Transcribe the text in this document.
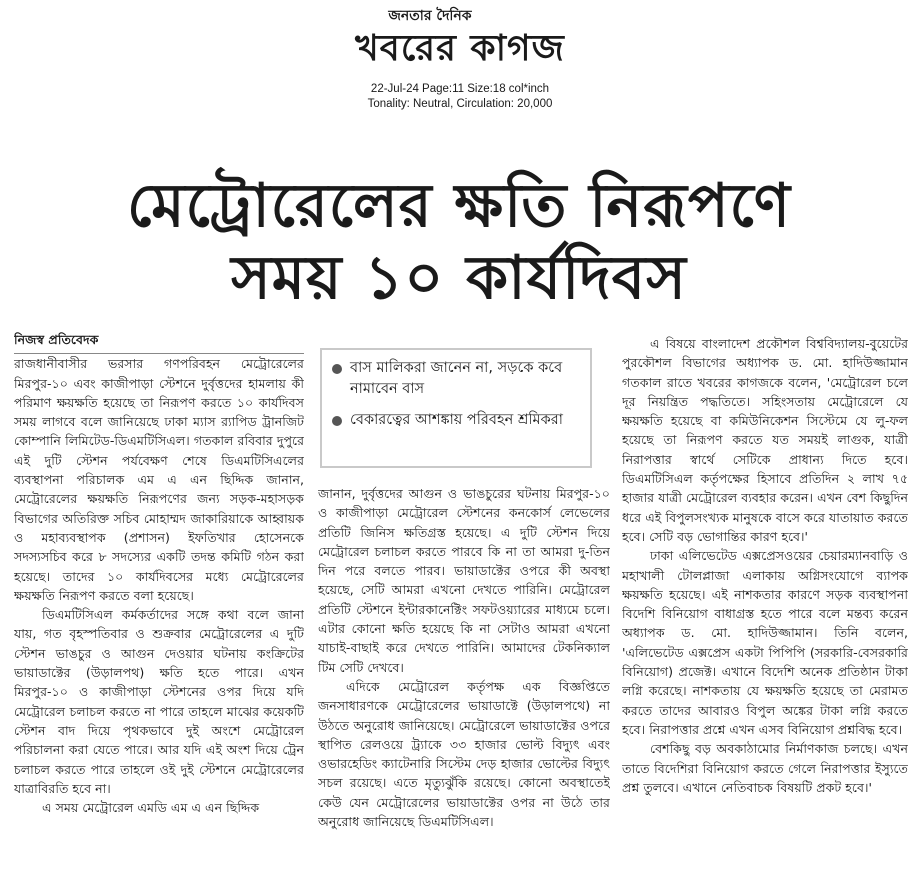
জনতার দৈনিক
খবরের কাগজ
22-Jul-24 Page:11 Size:18 col*inch
Tonality: Neutral, Circulation: 20,000
মেট্রোরেলের ক্ষতি নিরূপণে
সময় ১০ কার্যদিবস

নিজস্ব প্রতিবেদক

রাজধানীবাসীর ভরসার গণপরিবহন মেট্রোরেলের মিরপুর-১০ এবং কাজীপাড়া স্টেশনে দুর্বৃত্তদের হামলায় কী পরিমাণ ক্ষয়ক্ষতি হয়েছে তা নিরূপণ করতে ১০ কার্যদিবস সময় লাগবে বলে জানিয়েছে ঢাকা ম্যাস র‍্যাপিড ট্রানজিট কোম্পানি লিমিটেড-ডিএমটিসিএল। গতকাল রবিবার দুপুরে এই দুটি স্টেশন পর্যবেক্ষণ শেষে ডিএমটিসিএলের ব্যবস্থাপনা পরিচালক এম এ এন ছিদ্দিক জানান, মেট্রোরেলের ক্ষয়ক্ষতি নিরূপণের জন্য সড়ক-মহাসড়ক বিভাগের অতিরিক্ত সচিব মোহাম্মদ জাকারিয়াকে আহ্বায়ক ও মহাব্যবস্থাপক (প্রশাসন) ইফতিখার হোসেনকে সদস্যসচিব করে ৮ সদস্যের একটি তদন্ত কমিটি গঠন করা হয়েছে। তাদের ১০ কার্যদিবসের মধ্যে মেট্রোরেলের ক্ষয়ক্ষতি নিরূপণ করতে বলা হয়েছে।

ডিএমটিসিএল কর্মকর্তাদের সঙ্গে কথা বলে জানা যায়, গত বৃহস্পতিবার ও শুক্রবার মেট্রোরেলের এ দুটি স্টেশন ভাঙচুর ও আগুন দেওয়ার ঘটনায় কংক্রিটের ভায়াডাক্টের (উড়ালপথ) ক্ষতি হতে পারে। এখন মিরপুর-১০ ও কাজীপাড়া স্টেশনের ওপর দিয়ে যদি মেট্রোরেল চলাচল করতে না পারে তাহলে মাঝের কয়েকটি স্টেশন বাদ দিয়ে পৃথকভাবে দুই অংশে মেট্রোরেল পরিচালনা করা যেতে পারে। আর যদি এই অংশ দিয়ে ট্রেন চলাচল করতে পারে তাহলে ওই দুই স্টেশনে মেট্রোরেলের যাত্রাবিরতি হবে না।

এ সময় মেট্রোরেল এমডি এম এ এন ছিদ্দিক

বাস মালিকরা জানেন না, সড়কে কবে নামাবেন বাস
বেকারত্বের আশঙ্কায় পরিবহন শ্রমিকরা

জানান, দুর্বৃত্তদের আগুন ও ভাঙচুরের ঘটনায় মিরপুর-১০ ও কাজীপাড়া মেট্রোরেল স্টেশনের কনকোর্স লেভেলের প্রতিটি জিনিস ক্ষতিগ্রস্ত হয়েছে। এ দুটি স্টেশন দিয়ে মেট্রোরেল চলাচল করতে পারবে কি না তা আমরা দু-তিন দিন পরে বলতে পারব। ভায়াডাক্টের ওপরে কী অবস্থা হয়েছে, সেটি আমরা এখনো দেখতে পারিনি। মেট্রোরেল প্রতিটি স্টেশনে ইন্টারকানেক্টিং সফটওয়্যারের মাধ্যমে চলে। এটার কোনো ক্ষতি হয়েছে কি না সেটাও আমরা এখনো যাচাই-বাছাই করে দেখতে পারিনি। আমাদের টেকনিক্যাল টিম সেটি দেখবে।

এদিকে মেট্রোরেল কর্তৃপক্ষ এক বিজ্ঞপ্তিতে জনসাধারণকে মেট্রোরেলের ভায়াডাক্টে (উড়ালপথে) না উঠতে অনুরোধ জানিয়েছে। মেট্রোরেলে ভায়াডাক্টের ওপরে স্থাপিত রেলওয়ে ট্র্যাকে ৩৩ হাজার ভোল্ট বিদ্যুৎ এবং ওভারহেডিং ক্যাটেনারি সিস্টেম দেড় হাজার ভোল্টের বিদ্যুৎ সচল রয়েছে। এতে মৃত্যুঝুঁকি রয়েছে। কোনো অবস্থাতেই কেউ যেন মেট্রোরেলের ভায়াডাক্টের ওপর না উঠে তার অনুরোধ জানিয়েছে ডিএমটিসিএল।

এ বিষয়ে বাংলাদেশ প্রকৌশল বিশ্ববিদ্যালয়-বুয়েটের পুরকৌশল বিভাগের অধ্যাপক ড. মো. হাদিউজ্জামান গতকাল রাতে খবরের কাগজকে বলেন, 'মেট্রোরেল চলে দূর নিয়ন্ত্রিত পদ্ধতিতে। সহিংসতায় মেট্রোরেলে যে ক্ষয়ক্ষতি হয়েছে বা কমিউনিকেশন সিস্টেমে যে লু-ফল হয়েছে তা নিরূপণ করতে যত সময়ই লাগুক, যাত্রী নিরাপত্তার স্বার্থে সেটিকে প্রাধান্য দিতে হবে। ডিএমটিসিএল কর্তৃপক্ষের হিসাবে প্রতিদিন ২ লাখ ৭৫ হাজার যাত্রী মেট্রোরেল ব্যবহার করেন। এখন বেশ কিছুদিন ধরে এই বিপুলসংখ্যক মানুষকে বাসে করে যাতায়াত করতে হবে। সেটি বড় ভোগান্তির কারণ হবে।'

ঢাকা এলিভেটেড এক্সপ্রেসওয়ের চেয়ারম্যানবাড়ি ও মহাখালী টোলপ্লাজা এলাকায় অগ্নিসংযোগে ব্যাপক ক্ষয়ক্ষতি হয়েছে। এই নাশকতার কারণে সড়ক ব্যবস্থাপনা বিদেশি বিনিয়োগ বাধাগ্রস্ত হতে পারে বলে মন্তব্য করেন অধ্যাপক ড. মো. হাদিউজ্জামান। তিনি বলেন, 'এলিভেটেড এক্সপ্রেস একটা পিপিপি (সরকারি-বেসরকারি বিনিয়োগ) প্রজেক্ট। এখানে বিদেশি অনেক প্রতিষ্ঠান টাকা লগ্নি করেছে। নাশকতায় যে ক্ষয়ক্ষতি হয়েছে তা মেরামত করতে তাদের আবারও বিপুল অঙ্কের টাকা লগ্নি করতে হবে। নিরাপত্তার প্রশ্নে এখন এসব বিনিয়োগ প্রশ্নবিদ্ধ হবে।

বেশকিছু বড় অবকাঠামোর নির্মাণকাজ চলছে। এখন তাতে বিদেশিরা বিনিয়োগ করতে গেলে নিরাপত্তার ইস্যুতে প্রশ্ন তুলবে। এখানে নেতিবাচক বিষয়টি প্রকট হবে।'
